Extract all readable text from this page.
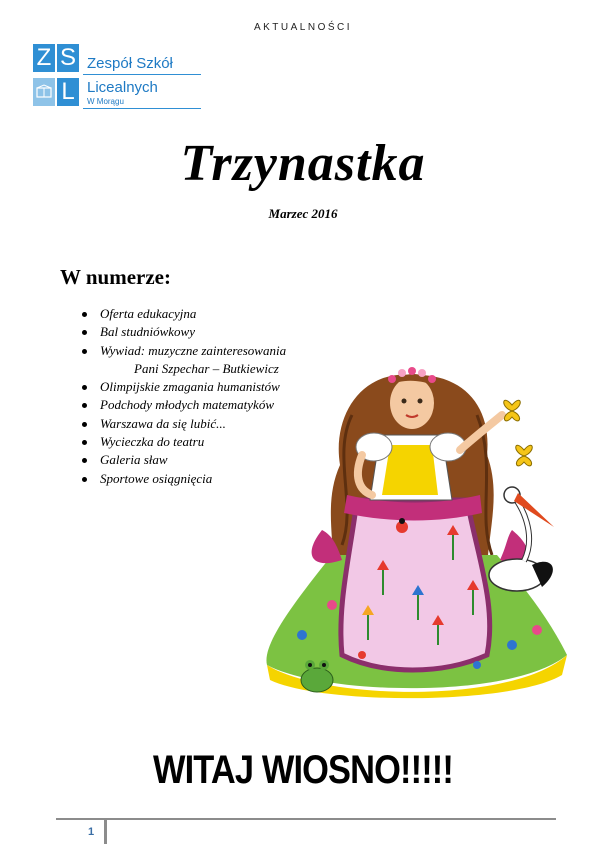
AKTUALNOŚCI
Z S
L
Zespół Szkół
Licealnych
W Morągu
Trzynastka
Marzec 2016
W numerze:
Oferta edukacyjna
Bal studniówkowy
Wywiad: muzyczne zainteresowania
Pani Szpechar – Butkiewicz
Olimpijskie zmagania humanistów
Podchody młodych matematyków
Warszawa da się lubić...
Wycieczka do teatru
Galeria sław
Sportowe osiągnięcia
WITAJ WIOSNO!!!!!
1
